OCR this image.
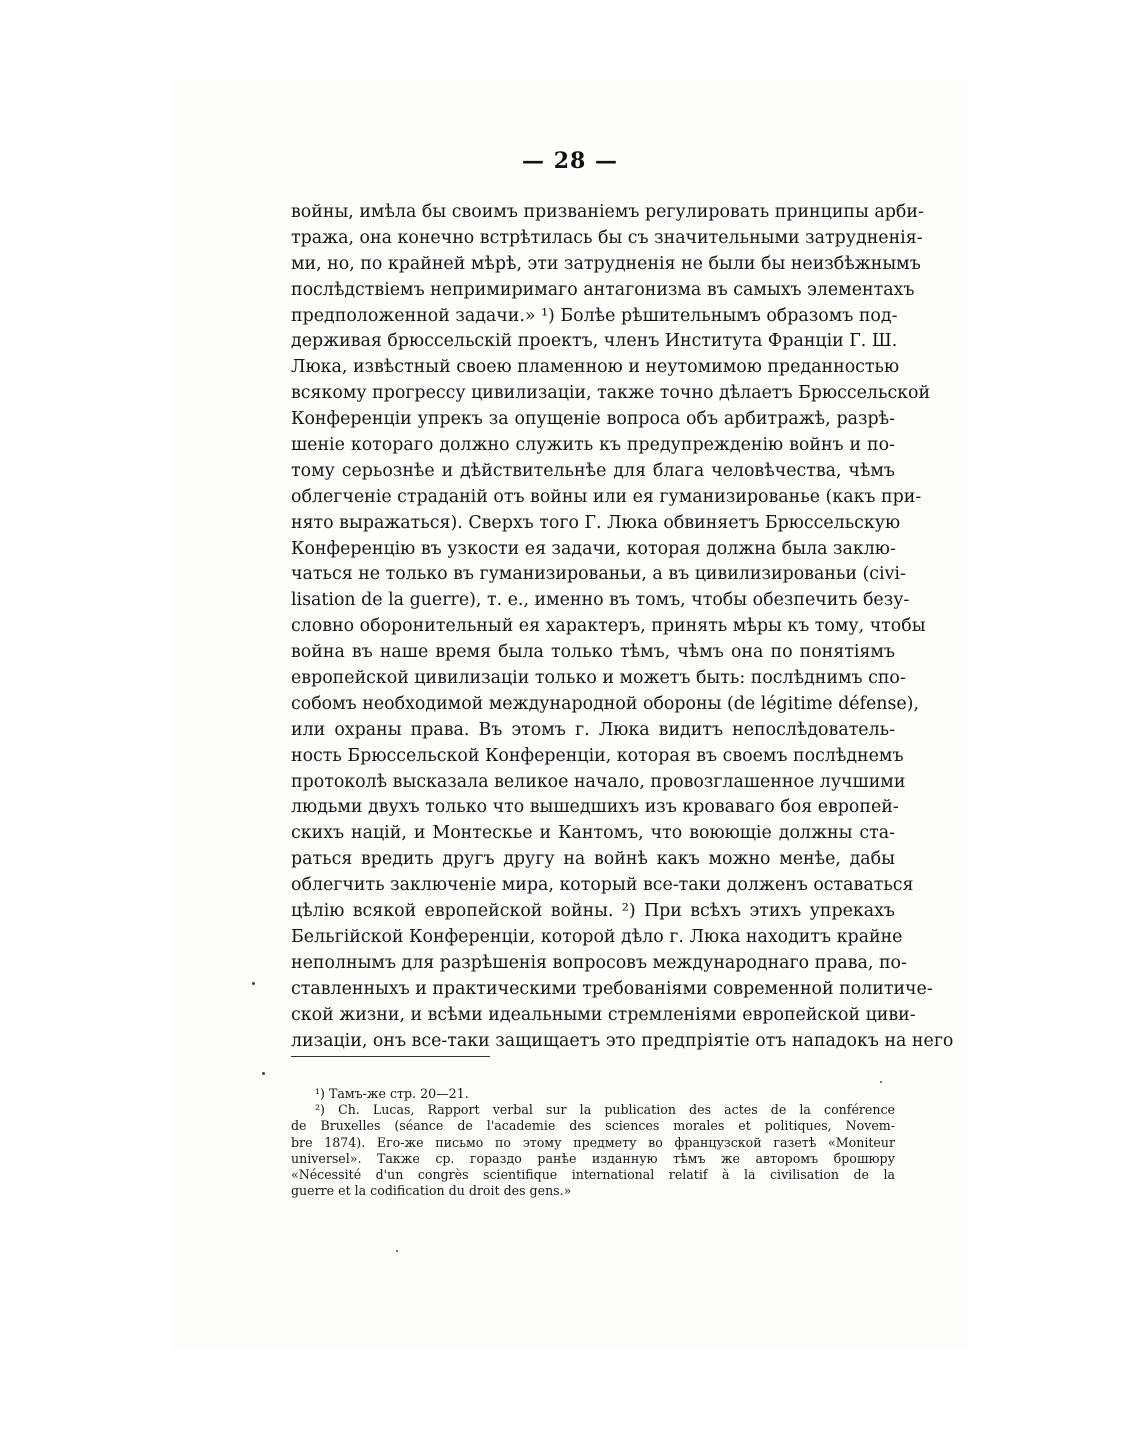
— 28 —
войны, имѣла бы своимъ призваніемъ регулировать принципы арби-
тража, она конечно встрѣтилась бы съ значительными затрудненія-
ми, но, по крайней мѣрѣ, эти затрудненія не были бы неизбѣжнымъ
послѣдствіемъ непримиримаго антагонизма въ самыхъ элементахъ
предположенной задачи.» ¹) Болѣе рѣшительнымъ образомъ под-
держивая брюссельскій проектъ, членъ Института Франціи Г. Ш.
Люка, извѣстный своею пламенною и неутомимою преданностью
всякому прогрессу цивилизаціи, также точно дѣлаетъ Брюссельской
Конференціи упрекъ за опущеніе вопроса объ арбитражѣ, разрѣ-
шеніе котораго должно служить къ предупрежденію войнъ и по-
тому серьознѣе и дѣйствительнѣе для блага человѣчества, чѣмъ
облегченіе страданій отъ войны или ея гуманизированье (какъ при-
нято выражаться). Сверхъ того Г. Люка обвиняетъ Брюссельскую
Конференцію въ узкости ея задачи, которая должна была заклю-
чаться не только въ гуманизированьи, а въ цивилизированьи (civi-
lisation de la guerre), т. е., именно въ томъ, чтобы обезпечить безу-
словно оборонительный ея характеръ, принять мѣры къ тому, чтобы
война въ наше время была только тѣмъ, чѣмъ она по понятіямъ
европейской цивилизаціи только и можетъ быть: послѣднимъ спо-
собомъ необходимой международной обороны (de légitime défense),
или охраны права. Въ этомъ г. Люка видитъ непослѣдователь-
ность Брюссельской Конференціи, которая въ своемъ послѣднемъ
протоколѣ высказала великое начало, провозглашенное лучшими
людьми двухъ только что вышедшихъ изъ кроваваго боя европей-
скихъ націй, и Монтескье и Кантомъ, что воюющіе должны ста-
раться вредить другъ другу на войнѣ какъ можно менѣе, дабы
облегчить заключеніе мира, который все-таки долженъ оставаться
цѣлію всякой европейской войны. ²) При всѣхъ этихъ упрекахъ
Бельгійской Конференціи, которой дѣло г. Люка находитъ крайне
неполнымъ для разрѣшенія вопросовъ международнаго права, по-
ставленныхъ и практическими требованіями современной политиче-
ской жизни, и всѣми идеальными стремленіями европейской циви-
лизаціи, онъ все-таки защищаетъ это предпріятіе отъ нападокъ на него
¹) Тамъ-же стр. 20—21.
²) Ch. Lucas, Rapport verbal sur la publication des actes de la conférence
de Bruxelles (séance de l'academie des sciences morales et politiques, Novem-
bre 1874). Его-же письмо по этому предмету во французской газетѣ «Moniteur
universel». Также ср. гораздо ранѣе изданную тѣмъ же авторомъ брошюру
«Nécessité d'un congrès scientifique international relatif à la civilisation de la
guerre et la codification du droit des gens.»
